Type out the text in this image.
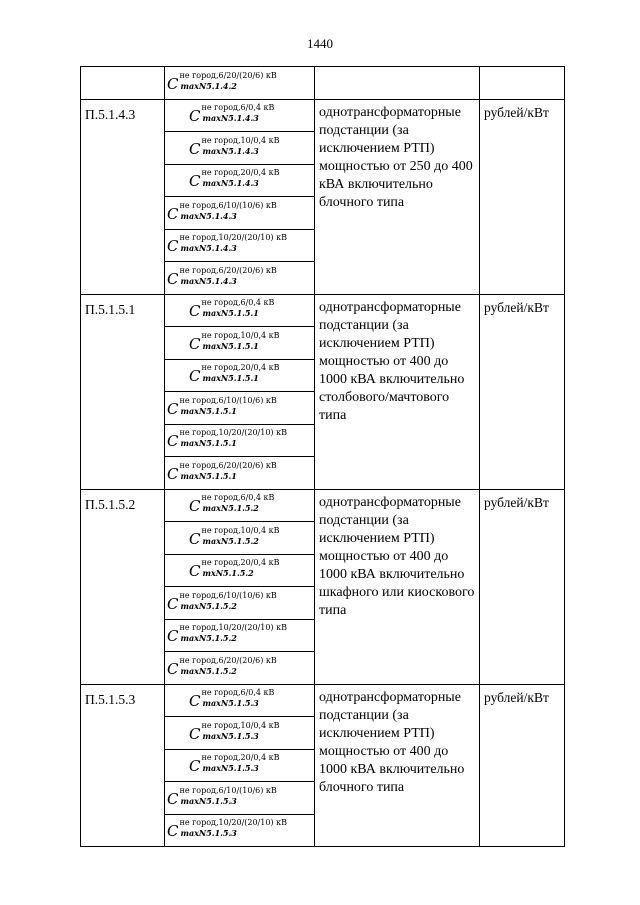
1440

	C не город,6/20/(20/6) кВ
maxN5.1.4.2		

П.5.1.4.3	C не город,6/0,4 кВ
maxN5.1.4.3	однотрансформаторные подстанции (за исключением РТП) мощностью от 250 до 400 кВА включительно блочного типа	рублей/кВт

	C не город,10/0,4 кВ
maxN5.1.4.3		

	C не город,20/0,4 кВ
maxN5.1.4.3		

	C не город,6/10/(10/6) кВ
maxN5.1.4.3		

	C не город,10/20/(20/10) кВ
maxN5.1.4.3		

	C не город,6/20/(20/6) кВ
maxN5.1.4.3		

П.5.1.5.1	C не город,6/0,4 кВ
maxN5.1.5.1	однотрансформаторные подстанции (за исключением РТП) мощностью от 400 до 1000 кВА включительно столбового/мачтового типа	рублей/кВт

	C не город,10/0,4 кВ
maxN5.1.5.1		

	C не город,20/0,4 кВ
maxN5.1.5.1		

	C не город,6/10/(10/6) кВ
maxN5.1.5.1		

	C не город,10/20/(20/10) кВ
maxN5.1.5.1		

	C не город,6/20/(20/6) кВ
maxN5.1.5.1		

П.5.1.5.2	C не город,6/0,4 кВ
maxN5.1.5.2	однотрансформаторные подстанции (за исключением РТП) мощностью от 400 до 1000 кВА включительно шкафного или киоскового типа	рублей/кВт

	C не город,10/0,4 кВ
maxN5.1.5.2		

	C не город,20/0,4 кВ
mxN5.1.5.2		

	C не город,6/10/(10/6) кВ
maxN5.1.5.2		

	C не город,10/20/(20/10) кВ
maxN5.1.5.2		

	C не город,6/20/(20/6) кВ
maxN5.1.5.2		

П.5.1.5.3	C не город,6/0,4 кВ
maxN5.1.5.3	однотрансформаторные подстанции (за исключением РТП) мощностью от 400 до 1000 кВА включительно блочного типа	рублей/кВт

	C не город,10/0,4 кВ
maxN5.1.5.3		

	C не город,20/0,4 кВ
maxN5.1.5.3		

	C не город,6/10/(10/6) кВ
maxN5.1.5.3		

	C не город,10/20/(20/10) кВ
maxN5.1.5.3		
